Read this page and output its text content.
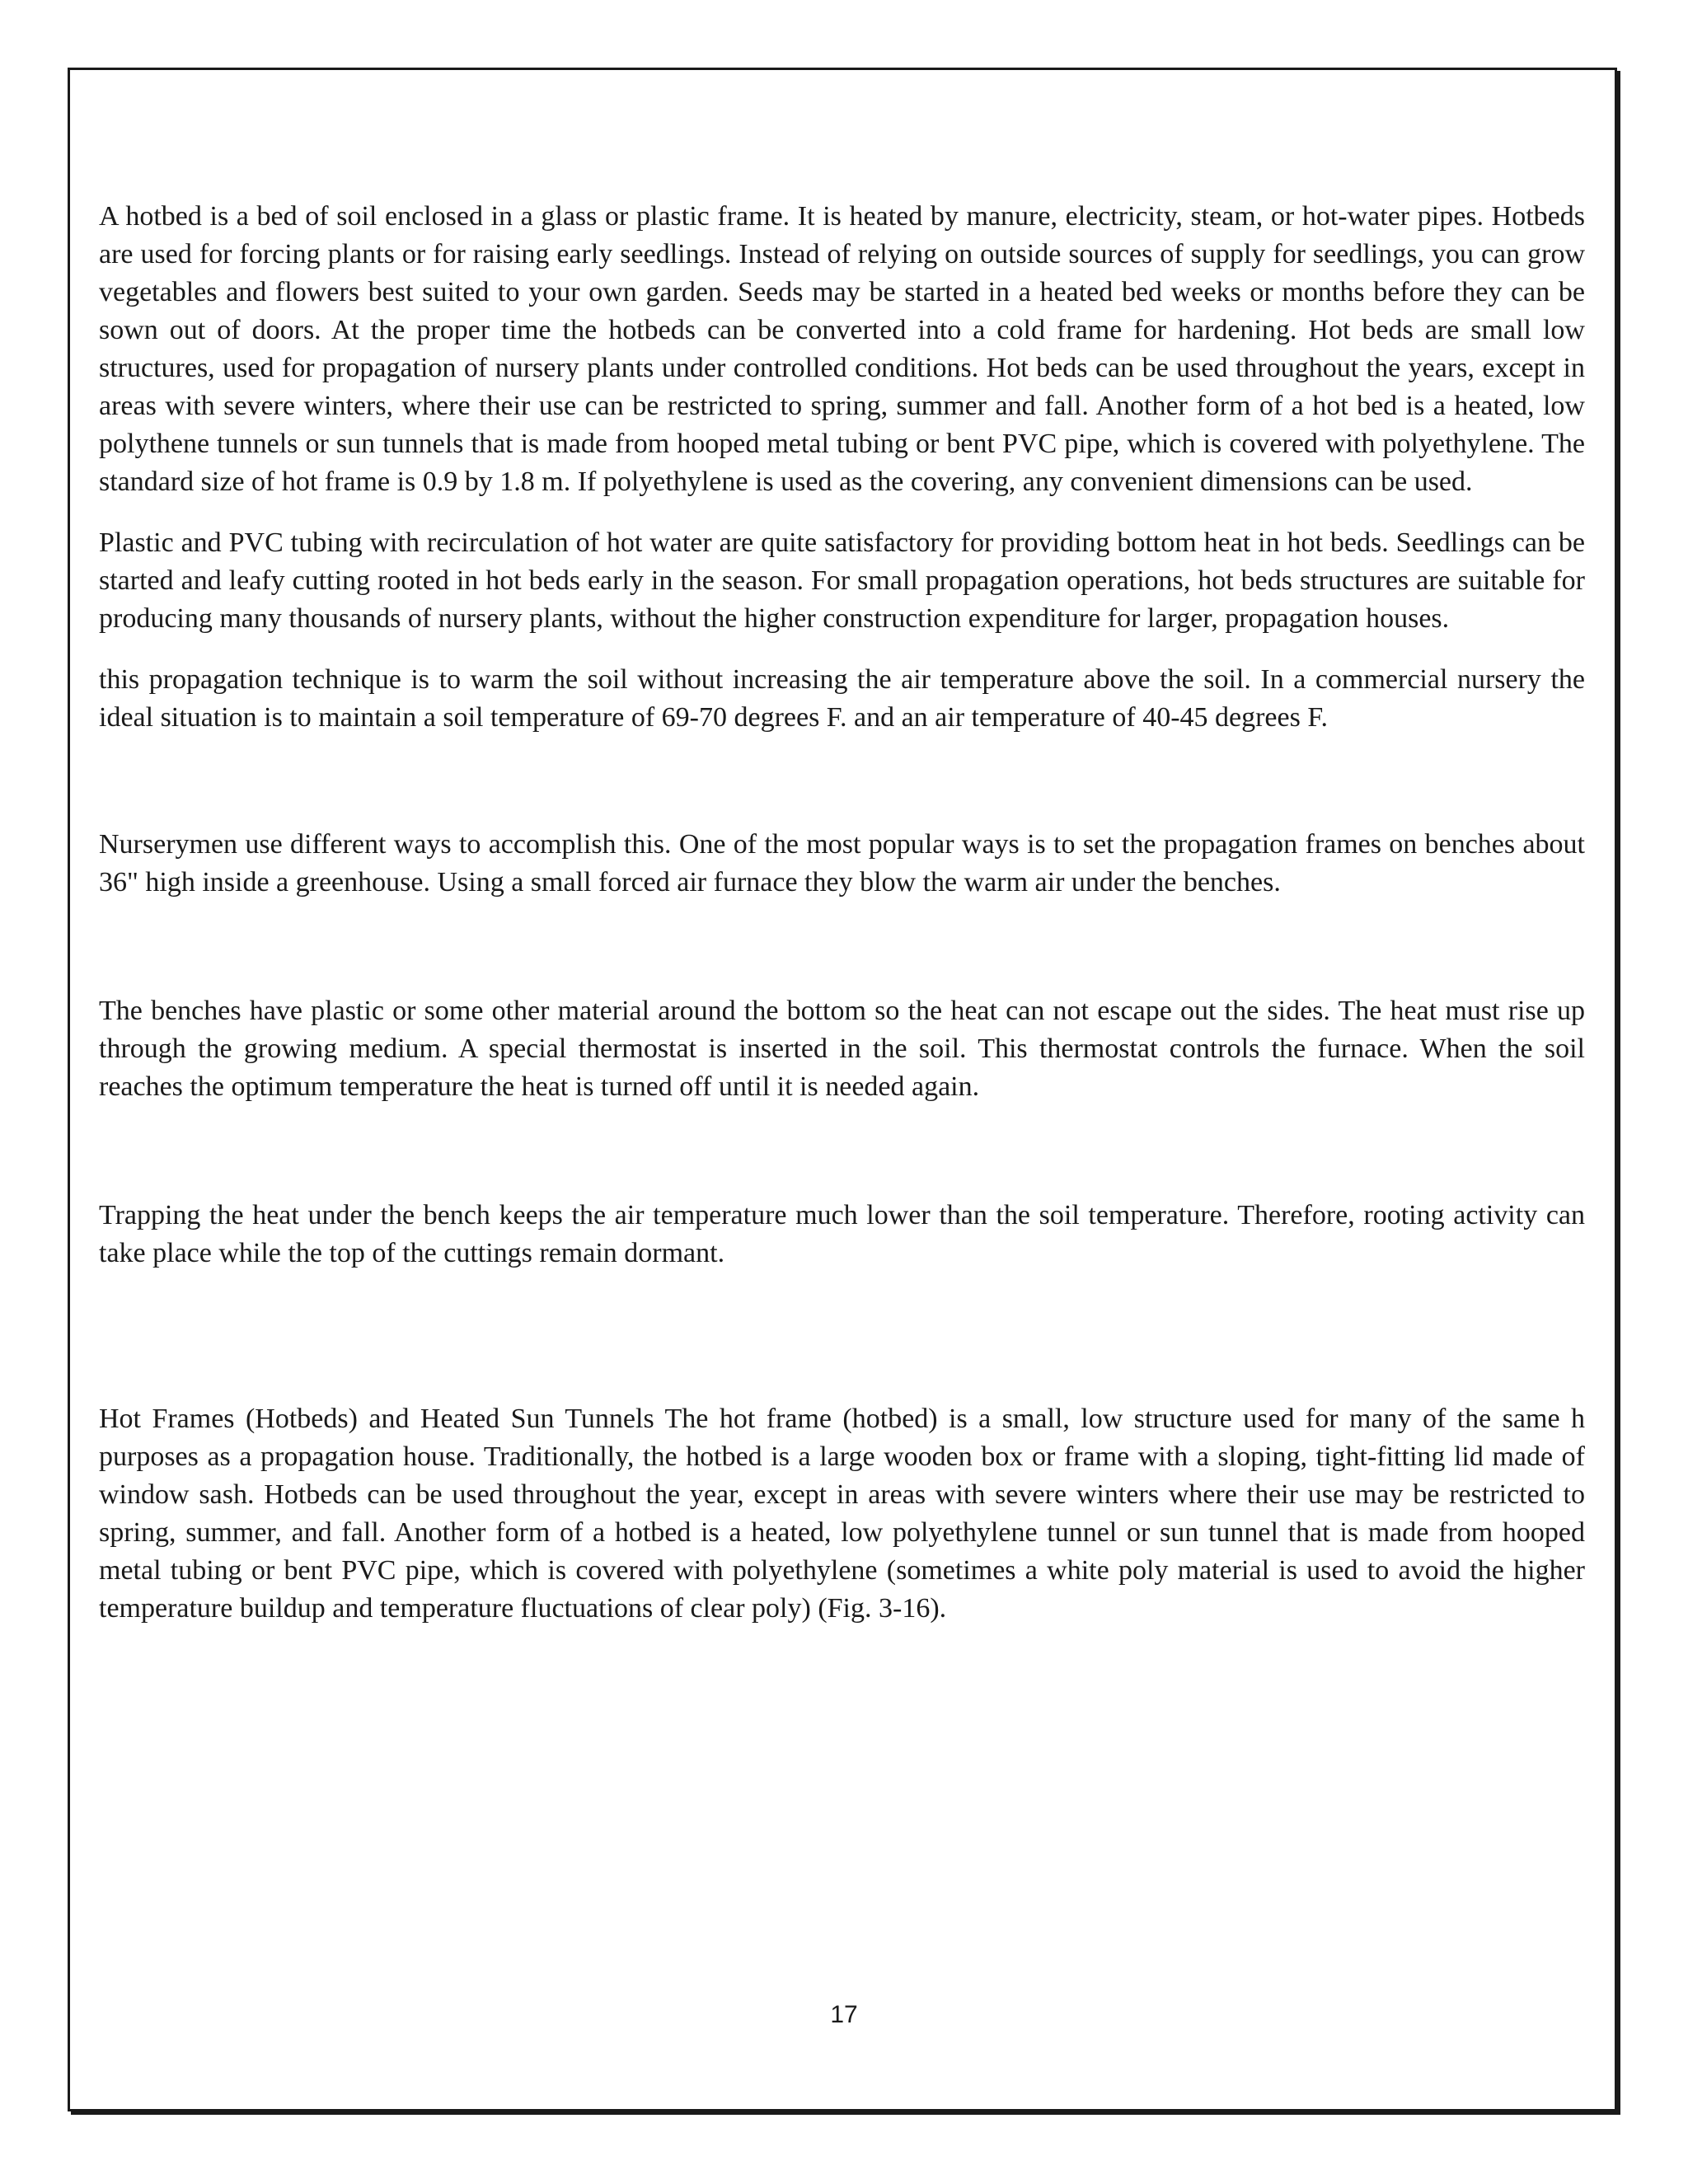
A hotbed is a bed of soil enclosed in a glass or plastic frame. It is heated by manure, electricity, steam, or hot-water pipes. Hotbeds are used for forcing plants or for raising early seedlings. Instead of relying on outside sources of supply for seedlings, you can grow vegetables and flowers best suited to your own garden. Seeds may be started in a heated bed weeks or months before they can be sown out of doors. At the proper time the hotbeds can be converted into a cold frame for hardening. Hot beds are small low structures, used for propagation of nursery plants under controlled conditions. Hot beds can be used throughout the years, except in areas with severe winters, where their use can be restricted to spring, summer and fall. Another form of a hot bed is a heated, low polythene tunnels or sun tunnels that is made from hooped metal tubing or bent PVC pipe, which is covered with polyethylene. The standard size of hot frame is 0.9 by 1.8 m. If polyethylene is used as the covering, any convenient dimensions can be used.

Plastic and PVC tubing with recirculation of hot water are quite satisfactory for providing bottom heat in hot beds. Seedlings can be started and leafy cutting rooted in hot beds early in the season. For small propagation operations, hot beds structures are suitable for producing many thousands of nursery plants, without the higher construction expenditure for larger, propagation houses.

this propagation technique is to warm the soil without increasing the air temperature above the soil. In a commercial nursery the ideal situation is to maintain a soil temperature of 69-70 degrees F. and an air temperature of 40-45 degrees F.

Nurserymen use different ways to accomplish this. One of the most popular ways is to set the propagation frames on benches about 36" high inside a greenhouse. Using a small forced air furnace they blow the warm air under the benches.

The benches have plastic or some other material around the bottom so the heat can not escape out the sides. The heat must rise up through the growing medium. A special thermostat is inserted in the soil. This thermostat controls the furnace. When the soil reaches the optimum temperature the heat is turned off until it is needed again.

Trapping the heat under the bench keeps the air temperature much lower than the soil temperature. Therefore, rooting activity can take place while the top of the cuttings remain dormant.

Hot Frames (Hotbeds) and Heated Sun Tunnels The hot frame (hotbed) is a small, low structure used for many of the same h purposes as a propagation house. Traditionally, the hotbed is a large wooden box or frame with a sloping, tight-fitting lid made of window sash. Hotbeds can be used throughout the year, except in areas with severe winters where their use may be restricted to spring, summer, and fall. Another form of a hotbed is a heated, low polyethylene tunnel or sun tunnel that is made from hooped metal tubing or bent PVC pipe, which is covered with polyethylene (sometimes a white poly material is used to avoid the higher temperature buildup and temperature fluctuations of clear poly) (Fig. 3-16).

17
